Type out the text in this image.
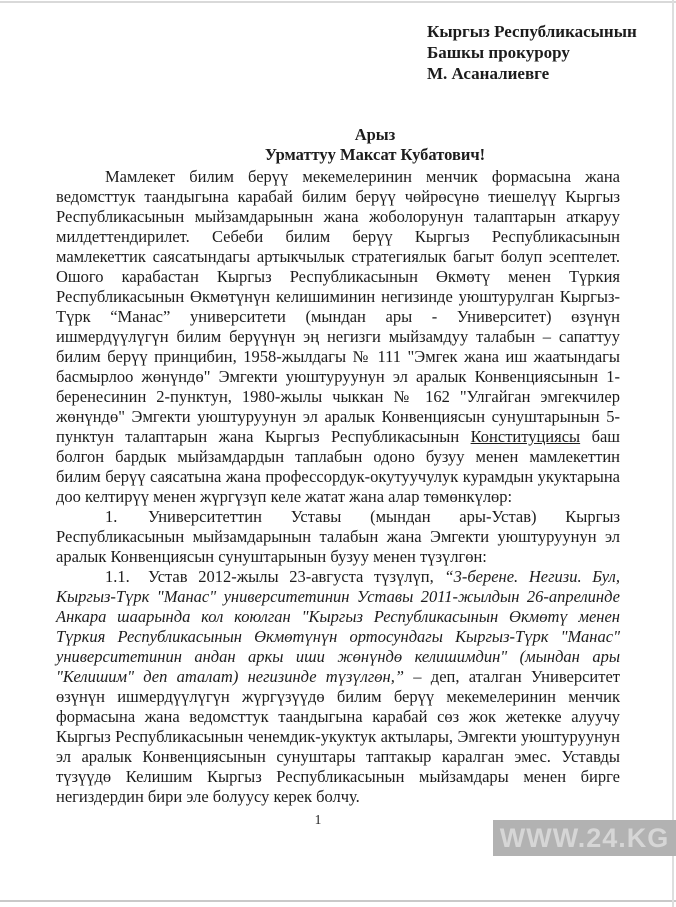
Кыргыз Республикасынын
Башкы прокурору
М. Асаналиевге
Арыз
Урматтуу Максат Кубатович!

Мамлекет билим берүү мекемелеринин менчик формасына жана ведомсттук таандыгына карабай билим берүү чөйрөсүнө тиешелүү Кыргыз Республикасынын мыйзамдарынын жана жоболорунун талаптарын аткаруу милдеттендирилет. Себеби билим берүү Кыргыз Республикасынын мамлекеттик саясатындагы артыкчылык стратегиялык багыт болуп эсептелет. Ошого карабастан Кыргыз Республикасынын Өкмөтү менен Түркия Республикасынын Өкмөтүнүн келишиминин негизинде уюштурулган Кыргыз-Түрк “Манас” университети (мындан ары - Университет) өзүнүн ишмердүүлүгүн билим берүүнүн эң негизги мыйзамдуу талабын – сапаттуу билим берүү принцибин, 1958-жылдагы № 111 "Эмгек жана иш жаатындагы басмырлоо жөнүндө" Эмгекти уюштуруунун эл аралык Конвенциясынын 1-беренесинин 2-пунктун, 1980-жылы чыккан № 162 "Улгайган эмгекчилер жөнүндө" Эмгекти уюштуруунун эл аралык Конвенциясын сунуштарынын 5-пунктун талаптарын жана Кыргыз Республикасынын Конституциясы баш болгон бардык мыйзамдардын таплабын одоно бузуу менен мамлекеттин билим берүү саясатына жана профессордук-окутуучулук курамдын укуктарына доо келтирүү менен жүргүзүп келе жатат жана алар төмөнкүлөр:

1. Университеттин Уставы (мындан ары-Устав) Кыргыз Республикасынын мыйзамдарынын талабын жана Эмгекти уюштуруунун эл аралык Конвенциясын сунуштарынын бузуу менен түзүлгөн:

1.1. Устав 2012-жылы 23-августа түзүлүп, “3-берене. Негизи. Бул, Кыргыз-Түрк "Манас" университетинин Уставы 2011-жылдын 26-апрелинде Анкара шаарында кол коюлган "Кыргыз Республикасынын Өкмөтү менен Түркия Республикасынын Өкмөтүнүн ортосундагы Кыргыз-Түрк "Манас" университетинин андан аркы иши жөнүндө келишимдин" (мындан ары "Келишим" деп аталат) негизинде түзүлгөн,” – деп, аталган Университет өзүнүн ишмердүүлүгүн жүргүзүүдө билим берүү мекемелеринин менчик формасына жана ведомсттук таандыгына карабай сөз жок жетекке алуучу Кыргыз Республикасынын ченемдик-укуктук актылары, Эмгекти уюштуруунун эл аралык Конвенциясынын сунуштары таптакыр каралган эмес. Уставды түзүүдө Келишим Кыргыз Республикасынын мыйзамдары менен бирге негиздердин бири эле болуусу керек болчу.

1
WWW.24.KG
